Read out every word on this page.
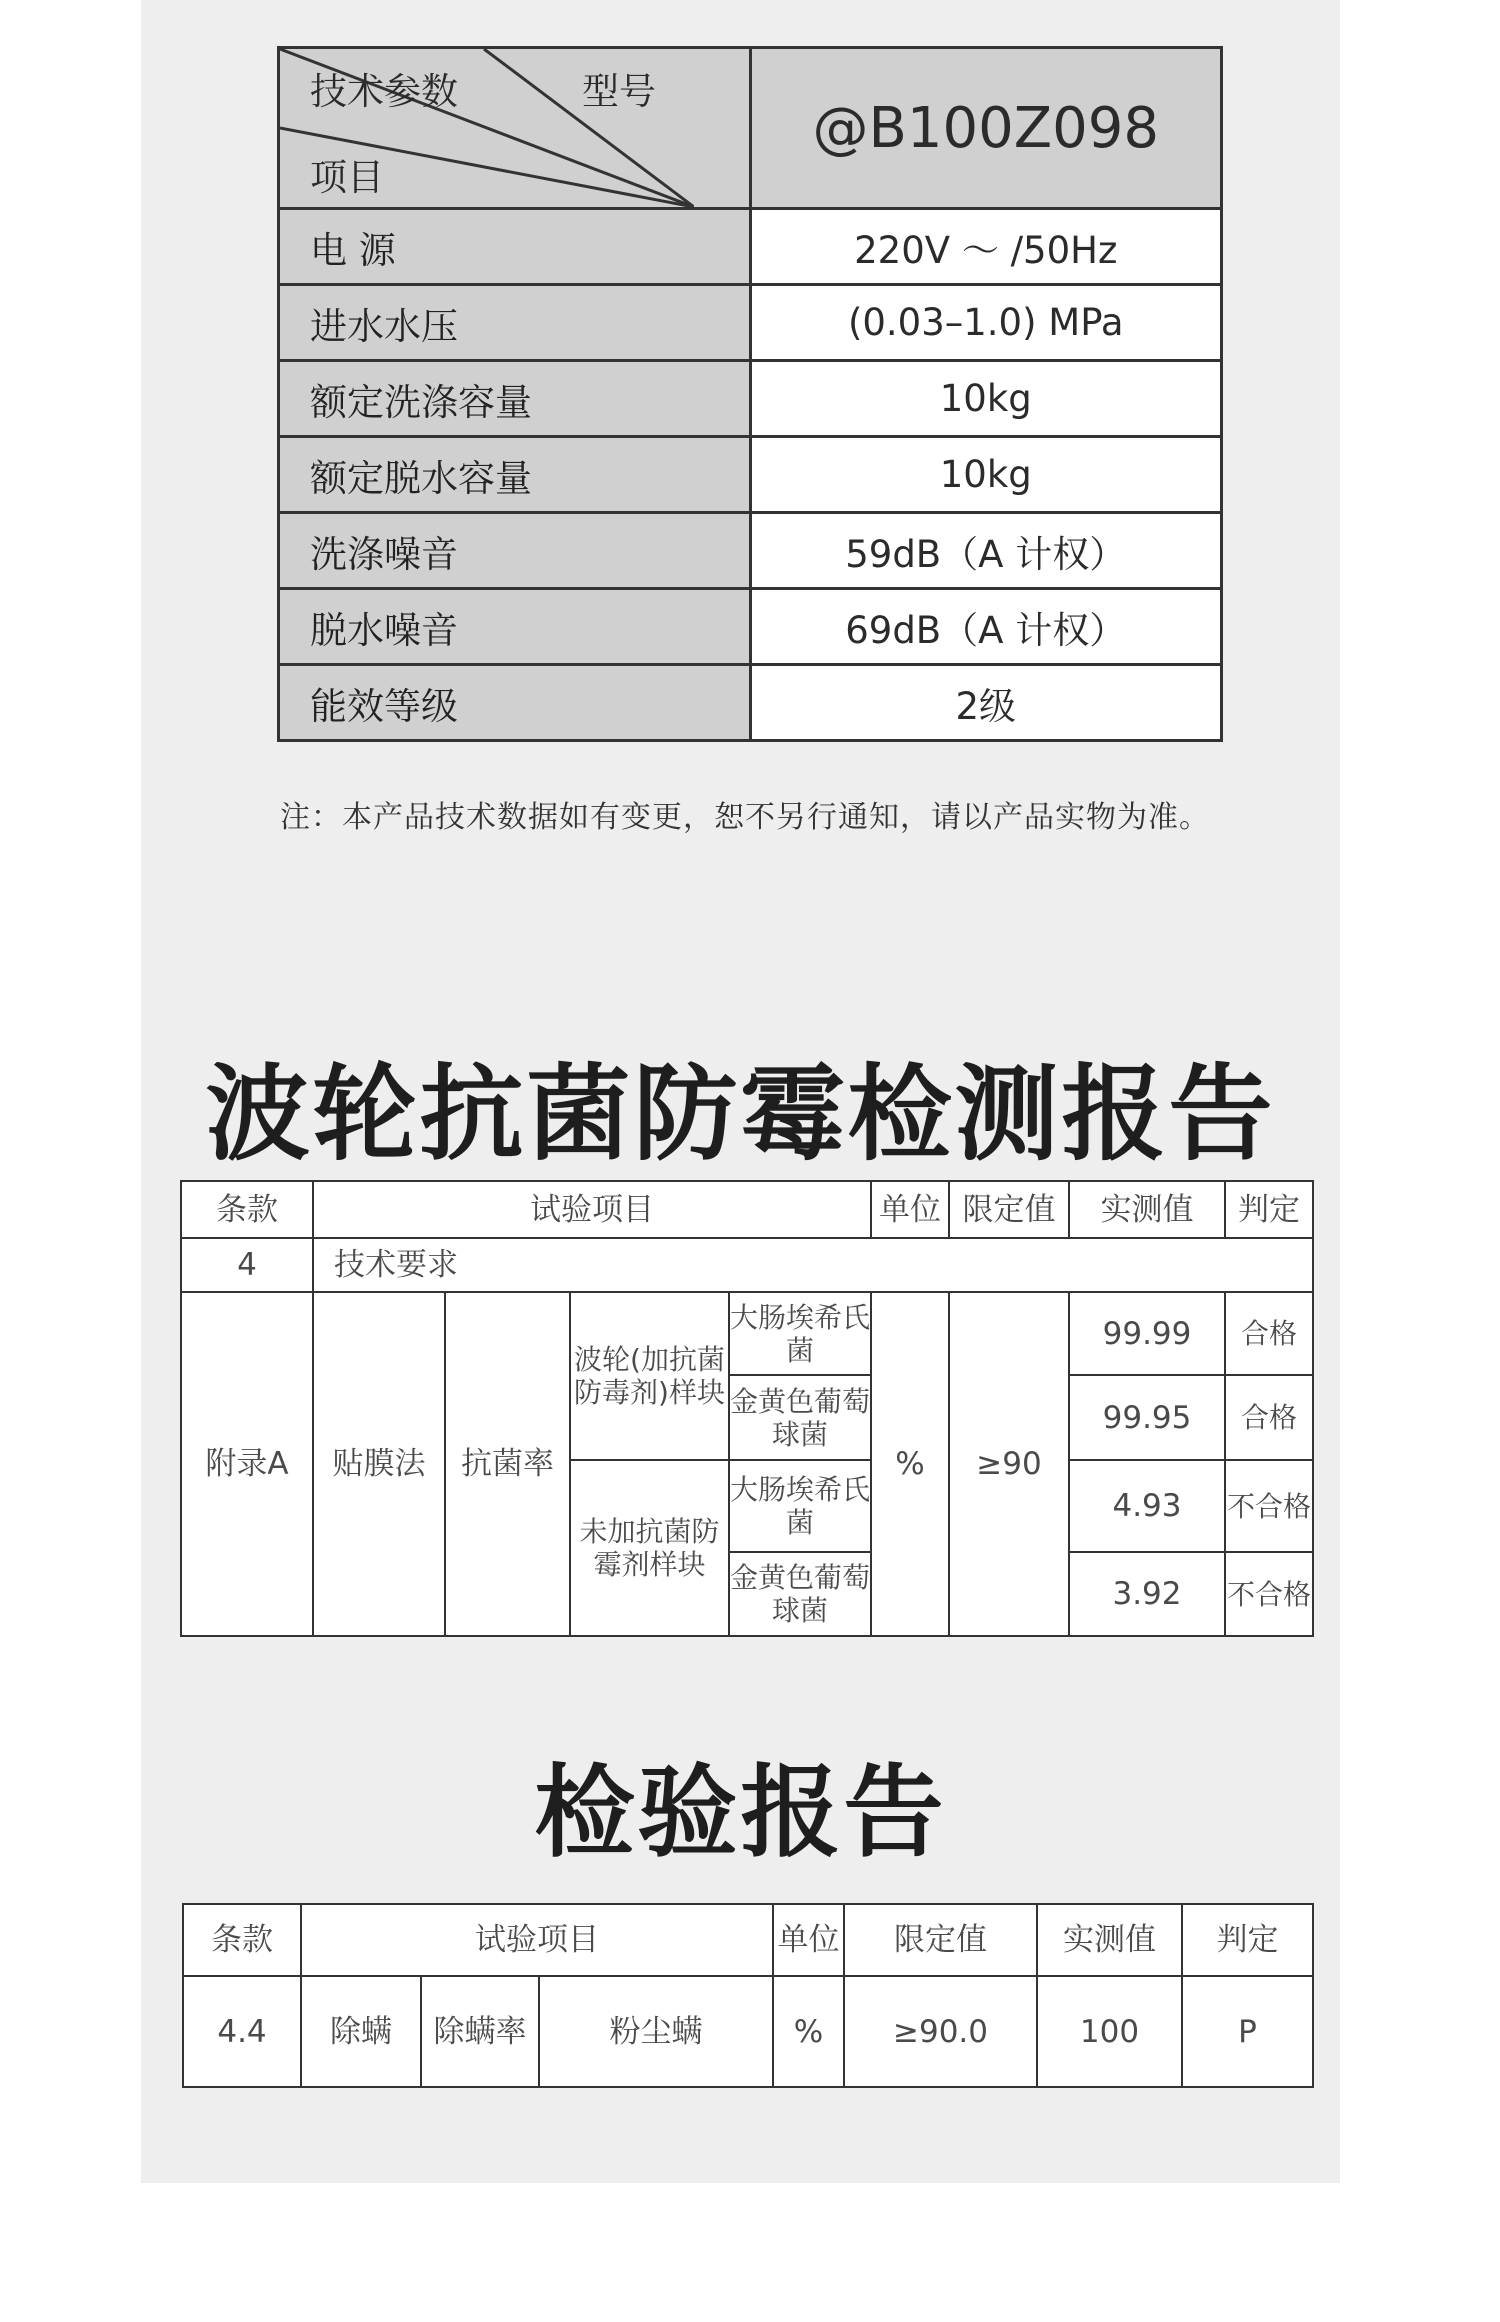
技术参数 型号
项目	@B100Z098
电 源	220V ～ /50Hz
进水水压	(0.03–1.0) MPa
额定洗涤容量	10kg
额定脱水容量	10kg
洗涤噪音	59dB（A 计权）
脱水噪音	69dB（A 计权）
能效等级	2级
注：本产品技术数据如有变更，恕不另行通知，请以产品实物为准。
波轮抗菌防霉检测报告
条款	试验项目				单位	限定值	实测值	判定
4	技术要求							
附录A	贴膜法	抗菌率	波轮(加抗菌防毒剂)样块	大肠埃希氏菌	%	≥90	99.99	合格
				金黄色葡萄球菌			99.95	合格
			未加抗菌防霉剂样块	大肠埃希氏菌			4.93	不合格
				金黄色葡萄球菌			3.92	不合格
检验报告
条款	试验项目			单位	限定值	实测值	判定
4.4	除螨	除螨率	粉尘螨	%	≥90.0	100	P
